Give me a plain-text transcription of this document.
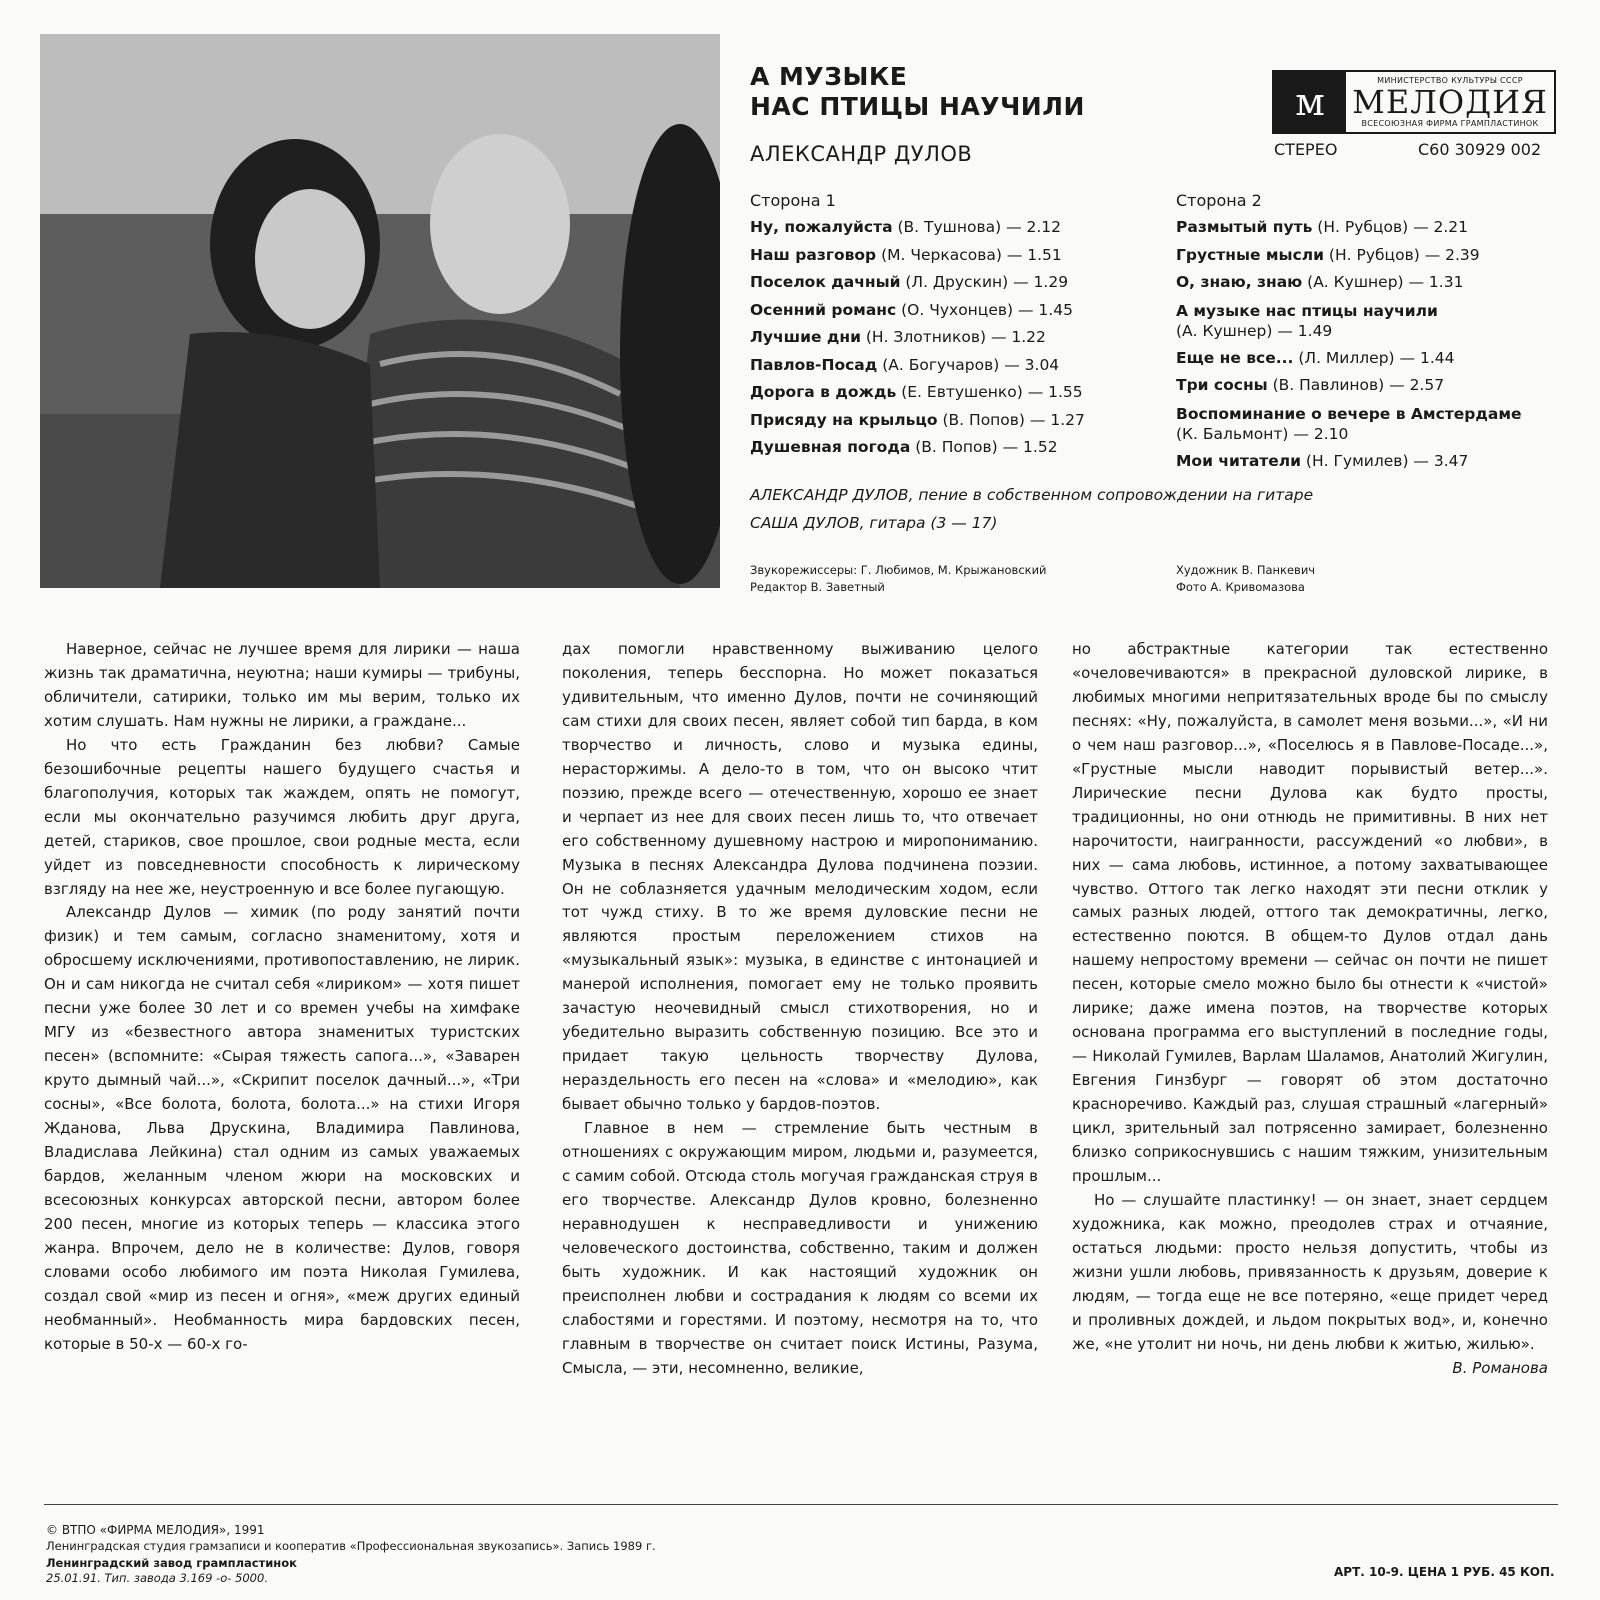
А МУЗЫКЕ
НАС ПТИЦЫ НАУЧИЛИ
АЛЕКСАНДР ДУЛОВ
м	МИНИСТЕРСТВО КУЛЬТУРЫ СССР
МЕЛОДИЯ
ВСЕСОЮЗНАЯ ФИРМА ГРАМПЛАСТИНОК
СТЕРЕО	С60 30929 002
Сторона 1
Ну, пожалуйста (В. Тушнова) — 2.12
Наш разговор (М. Черкасова) — 1.51
Поселок дачный (Л. Друскин) — 1.29
Осенний романс (О. Чухонцев) — 1.45
Лучшие дни (Н. Злотников) — 1.22
Павлов-Посад (А. Богучаров) — 3.04
Дорога в дождь (Е. Евтушенко) — 1.55
Присяду на крыльцо (В. Попов) — 1.27
Душевная погода (В. Попов) — 1.52
Сторона 2
Размытый путь (Н. Рубцов) — 2.21
Грустные мысли (Н. Рубцов) — 2.39
О, знаю, знаю (А. Кушнер) — 1.31
А музыке нас птицы научили
(А. Кушнер) — 1.49
Еще не все... (Л. Миллер) — 1.44
Три сосны (В. Павлинов) — 2.57
Воспоминание о вечере в Амстердаме
(К. Бальмонт) — 2.10
Мои читатели (Н. Гумилев) — 3.47
АЛЕКСАНДР ДУЛОВ, пение в собственном сопровождении на гитаре
САША ДУЛОВ, гитара (3 — 17)
Звукорежиссеры: Г. Любимов, М. Крыжановский
Редактор В. Заветный
Художник В. Панкевич
Фото А. Кривомазова

Наверное, сейчас не лучшее время для лирики — наша жизнь так драматична, неуютна; наши кумиры — трибуны, обличители, сатирики, только им мы верим, только их хотим слушать. Нам нужны не лирики, а граждане...

Но что есть Гражданин без любви? Самые безошибочные рецепты нашего будущего счастья и благополучия, которых так жаждем, опять не помогут, если мы окончательно разучимся любить друг друга, детей, стариков, свое прошлое, свои родные места, если уйдет из повседневности способность к лирическому взгляду на нее же, неустроенную и все более пугающую.

Александр Дулов — химик (по роду занятий почти физик) и тем самым, согласно знаменитому, хотя и обросшему исключениями, противопоставлению, не лирик. Он и сам никогда не считал себя «лириком» — хотя пишет песни уже более 30 лет и со времен учебы на химфаке МГУ из «безвестного автора знаменитых туристских песен» (вспомните: «Сырая тяжесть сапога...», «Заварен круто дымный чай...», «Скрипит поселок дачный...», «Три сосны», «Все болота, болота, болота...» на стихи Игоря Жданова, Льва Друскина, Владимира Павлинова, Владислава Лейкина) стал одним из самых уважаемых бардов, желанным членом жюри на московских и всесоюзных конкурсах авторской песни, автором более 200 песен, многие из которых теперь — классика этого жанра. Впрочем, дело не в количестве: Дулов, говоря словами особо любимого им поэта Николая Гумилева, создал свой «мир из песен и огня», «меж других единый необманный». Необманность мира бардовских песен, которые в 50-х — 60-х го-

дах помогли нравственному выживанию целого поколения, теперь бесспорна. Но может показаться удивительным, что именно Дулов, почти не сочиняющий сам стихи для своих песен, являет собой тип барда, в ком творчество и личность, слово и музыка едины, нерасторжимы. А дело-то в том, что он высоко чтит поэзию, прежде всего — отечественную, хорошо ее знает и черпает из нее для своих песен лишь то, что отвечает его собственному душевному настрою и миропониманию. Музыка в песнях Александра Дулова подчинена поэзии. Он не соблазняется удачным мелодическим ходом, если тот чужд стиху. В то же время дуловские песни не являются простым переложением стихов на «музыкальный язык»: музыка, в единстве с интонацией и манерой исполнения, помогает ему не только проявить зачастую неочевидный смысл стихотворения, но и убедительно выразить собственную позицию. Все это и придает такую цельность творчеству Дулова, нераздельность его песен на «слова» и «мелодию», как бывает обычно только у бардов-поэтов.

Главное в нем — стремление быть честным в отношениях с окружающим миром, людьми и, разумеется, с самим собой. Отсюда столь могучая гражданская струя в его творчестве. Александр Дулов кровно, болезненно неравнодушен к несправедливости и унижению человеческого достоинства, собственно, таким и должен быть художник. И как настоящий художник он преисполнен любви и сострадания к людям со всеми их слабостями и горестями. И поэтому, несмотря на то, что главным в творчестве он считает поиск Истины, Разума, Смысла, — эти, несомненно, великие,

но абстрактные категории так естественно «очеловечиваются» в прекрасной дуловской лирике, в любимых многими непритязательных вроде бы по смыслу песнях: «Ну, пожалуйста, в самолет меня возьми...», «И ни о чем наш разговор...», «Поселюсь я в Павлове-Посаде...», «Грустные мысли наводит порывистый ветер...». Лирические песни Дулова как будто просты, традиционны, но они отнюдь не примитивны. В них нет нарочитости, наигранности, рассуждений «о любви», в них — сама любовь, истинное, а потому захватывающее чувство. Оттого так легко находят эти песни отклик у самых разных людей, оттого так демократичны, легко, естественно поются. В общем-то Дулов отдал дань нашему непростому времени — сейчас он почти не пишет песен, которые смело можно было бы отнести к «чистой» лирике; даже имена поэтов, на творчестве которых основана программа его выступлений в последние годы, — Николай Гумилев, Варлам Шаламов, Анатолий Жигулин, Евгения Гинзбург — говорят об этом достаточно красноречиво. Каждый раз, слушая страшный «лагерный» цикл, зрительный зал потрясенно замирает, болезненно близко соприкоснувшись с нашим тяжким, унизительным прошлым...

Но — слушайте пластинку! — он знает, знает сердцем художника, как можно, преодолев страх и отчаяние, остаться людьми: просто нельзя допустить, чтобы из жизни ушли любовь, привязанность к друзьям, доверие к людям, — тогда еще не все потеряно, «еще придет черед и проливных дождей, и льдом покрытых вод», и, конечно же, «не утолит ни ночь, ни день любви к житью, жилью».

В. Романова

© ВТПО «ФИРМА МЕЛОДИЯ», 1991
Ленинградская студия грамзаписи и кооператив «Профессиональная звукозапись». Запись 1989 г.
Ленинградский завод грампластинок
25.01.91. Тип. завода 3.169 -о- 5000.	АРТ. 10-9. ЦЕНА 1 РУБ. 45 КОП.
